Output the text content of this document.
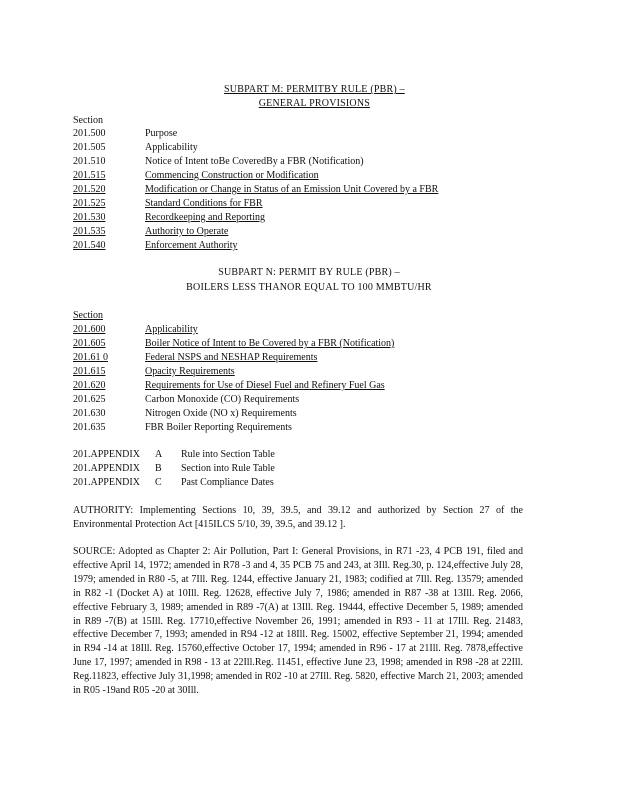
SUBPART M: PERMITBY RULE (PBR) –

GENERAL PROVISIONS

Section
201.500	Purpose
201.505	Applicability
201.510	Notice of Intent toBe CoveredBy a FBR (Notification)
201.515	Commencing Construction or Modification
201.520	Modification or Change in Status of an Emission Unit Covered by a FBR
201.525	Standard Conditions for FBR
201.530	Recordkeeping and Reporting
201.535	Authority to Operate
201.540	Enforcement Authority
SUBPART N: PERMIT BY RULE (PBR) –
BOILERS LESS THANOR EQUAL TO 100 MMBTU/HR
Section
201.600	Applicability
201.605	Boiler Notice of Intent to Be Covered by a FBR (Notification)
201.61 0	Federal NSPS and NESHAP Requirements
201.615	Opacity Requirements
201.620	Requirements for Use of Diesel Fuel and Refinery Fuel Gas
201.625	Carbon Monoxide (CO) Requirements
201.630	Nitrogen Oxide (NO x) Requirements
201.635	FBR Boiler Reporting Requirements
201.APPENDIX A Rule into Section Table
201.APPENDIX B Section into Rule Table
201.APPENDIX C Past Compliance Dates
AUTHORITY: Implementing Sections 10, 39, 39.5, and 39.12 and authorized by Section 27 of the Environmental Protection Act [415ILCS 5/10, 39, 39.5, and 39.12 ].
SOURCE: Adopted as Chapter 2: Air Pollution, Part I: General Provisions, in R71 -23, 4 PCB 191, filed and effective April 14, 1972; amended in R78 -3 and 4, 35 PCB 75 and 243, at 3Ill. Reg.30, p. 124,effective July 28, 1979; amended in R80 -5, at 7Ill. Reg. 1244, effective January 21, 1983; codified at 7Ill. Reg. 13579; amended in R82 -1 (Docket A) at 10Ill. Reg. 12628, effective July 7, 1986; amended in R87 -38 at 13Ill. Reg. 2066, effective February 3, 1989; amended in R89 -7(A) at 13Ill. Reg. 19444, effective December 5, 1989; amended in R89 -7(B) at 15Ill. Reg. 17710,effective November 26, 1991; amended in R93 - 11 at 17Ill. Reg. 21483, effective December 7, 1993; amended in R94 -12 at 18Ill. Reg. 15002, effective September 21, 1994; amended in R94 -14 at 18Ill. Reg. 15760,effective October 17, 1994; amended in R96 - 17 at 21Ill. Reg. 7878,effective June 17, 1997; amended in R98 - 13 at 22Ill.Reg. 11451, effective June 23, 1998; amended in R98 -28 at 22Ill. Reg.11823, effective July 31,1998; amended in R02 -10 at 27Ill. Reg. 5820, effective March 21, 2003; amended in R05 -19and R05 -20 at 30Ill.
